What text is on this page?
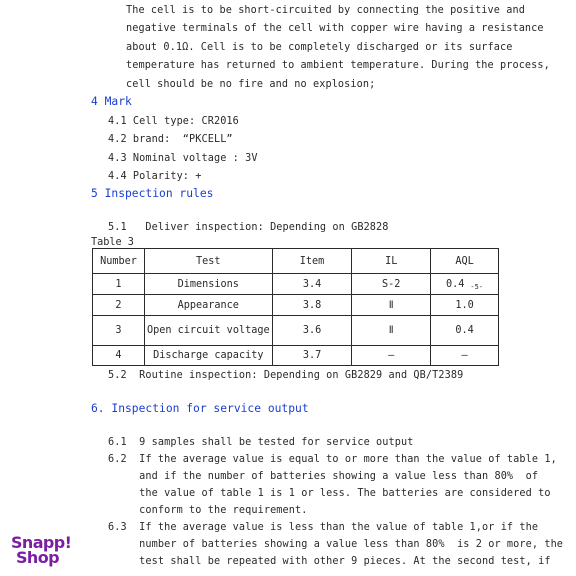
The cell is to be short-circuited by connecting the positive and
negative terminals of the cell with copper wire having a resistance
about 0.1Ω. Cell is to be completely discharged or its surface
temperature has returned to ambient temperature. During the process,
cell should be no fire and no explosion;
4 Mark
4.1 Cell type: CR2016
4.2 brand:  “PKCELL”
4.3 Nominal voltage : 3V
4.4 Polarity: +
5 Inspection rules
5.1   Deliver inspection: Depending on GB2828
Table 3
Number	Test	Item	IL	AQL
1	Dimensions	3.4	S-2	0.4 -5-
2	Appearance	3.8	Ⅱ	1.0
3	Open circuit voltage	3.6	Ⅱ	0.4
4	Discharge capacity	3.7	—	—
5.2  Routine inspection: Depending on GB2829 and QB/T2389
6. Inspection for service output
6.1  9 samples shall be tested for service output
6.2  If the average value is equal to or more than the value of table 1,
and if the number of batteries showing a value less than 80%  of
the value of table 1 is 1 or less. The batteries are considered to
conform to the requirement.
6.3  If the average value is less than the value of table 1,or if the
number of batteries showing a value less than 80%  is 2 or more, the
test shall be repeated with other 9 pieces. At the second test, if
Snapp!
Shop
